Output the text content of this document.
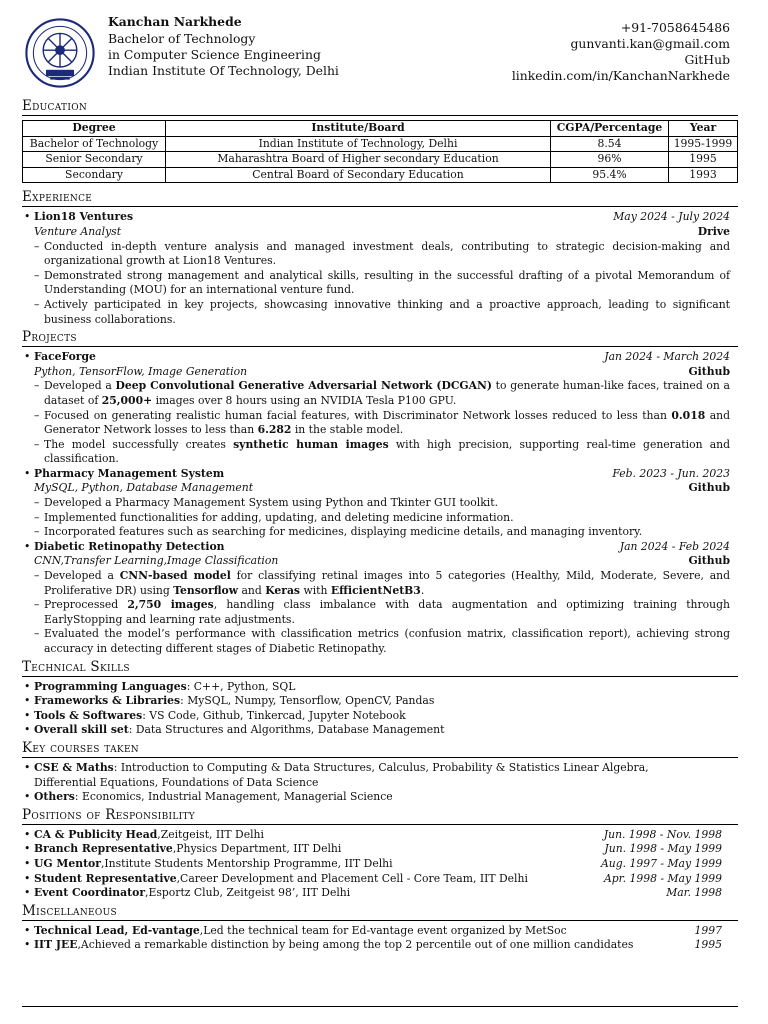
Kanchan Narkhede
Bachelor of Technology
in Computer Science Engineering
Indian Institute Of Technology, Delhi
+91-7058645486
gunvanti.kan@gmail.com
GitHub
linkedin.com/in/KanchanNarkhede
Education
Degree	Institute/Board	CGPA/Percentage	Year
Bachelor of Technology	Indian Institute of Technology, Delhi	8.54	1995-1999
Senior Secondary	Maharashtra Board of Higher secondary Education	96%	1995
Secondary	Central Board of Secondary Education	95.4%	1993
Experience
• Lion18 Ventures	May 2024 - July 2024
Venture Analyst	Drive
– Conducted in-depth venture analysis and managed investment deals, contributing to strategic decision-making and organizational growth at Lion18 Ventures.
– Demonstrated strong management and analytical skills, resulting in the successful drafting of a pivotal Memorandum of Understanding (MOU) for an international venture fund.
– Actively participated in key projects, showcasing innovative thinking and a proactive approach, leading to significant business collaborations.
Projects
• FaceForge	Jan 2024 - March 2024
Python, TensorFlow, Image Generation	Github
– Developed a Deep Convolutional Generative Adversarial Network (DCGAN) to generate human-like faces, trained on a dataset of 25,000+ images over 8 hours using an NVIDIA Tesla P100 GPU.
– Focused on generating realistic human facial features, with Discriminator Network losses reduced to less than 0.018 and Generator Network losses to less than 6.282 in the stable model.
– The model successfully creates synthetic human images with high precision, supporting real-time generation and classification.
• Pharmacy Management System	Feb. 2023 - Jun. 2023
MySQL, Python, Database Management	Github
– Developed a Pharmacy Management System using Python and Tkinter GUI toolkit.
– Implemented functionalities for adding, updating, and deleting medicine information.
– Incorporated features such as searching for medicines, displaying medicine details, and managing inventory.
• Diabetic Retinopathy Detection	Jan 2024 - Feb 2024
CNN,Transfer Learning,Image Classification	Github
– Developed a CNN-based model for classifying retinal images into 5 categories (Healthy, Mild, Moderate, Severe, and Proliferative DR) using Tensorflow and Keras with EfficientNetB3.
– Preprocessed 2,750 images, handling class imbalance with data augmentation and optimizing training through EarlyStopping and learning rate adjustments.
– Evaluated the model’s performance with classification metrics (confusion matrix, classification report), achieving strong accuracy in detecting different stages of Diabetic Retinopathy.
Technical Skills
• Programming Languages: C++, Python, SQL
• Frameworks & Libraries: MySQL, Numpy, Tensorflow, OpenCV, Pandas
• Tools & Softwares: VS Code, Github, Tinkercad, Jupyter Notebook
• Overall skill set: Data Structures and Algorithms, Database Management
Key courses taken
• CSE & Maths: Introduction to Computing & Data Structures, Calculus, Probability & Statistics Linear Algebra, Differential Equations, Foundations of Data Science
• Others: Economics, Industrial Management, Managerial Science
Positions of Responsibility
• CA & Publicity Head,Zeitgeist, IIT Delhi	Jun. 1998 - Nov. 1998
• Branch Representative,Physics Department, IIT Delhi	Jun. 1998 - May 1999
• UG Mentor,Institute Students Mentorship Programme, IIT Delhi	Aug. 1997 - May 1999
• Student Representative,Career Development and Placement Cell - Core Team, IIT Delhi	Apr. 1998 - May 1999
• Event Coordinator,Esportz Club, Zeitgeist 98’, IIT Delhi	Mar. 1998
Miscellaneous
• Technical Lead, Ed-vantage,Led the technical team for Ed-vantage event organized by MetSoc	1997
• IIT JEE,Achieved a remarkable distinction by being among the top 2 percentile out of one million candidates	1995
